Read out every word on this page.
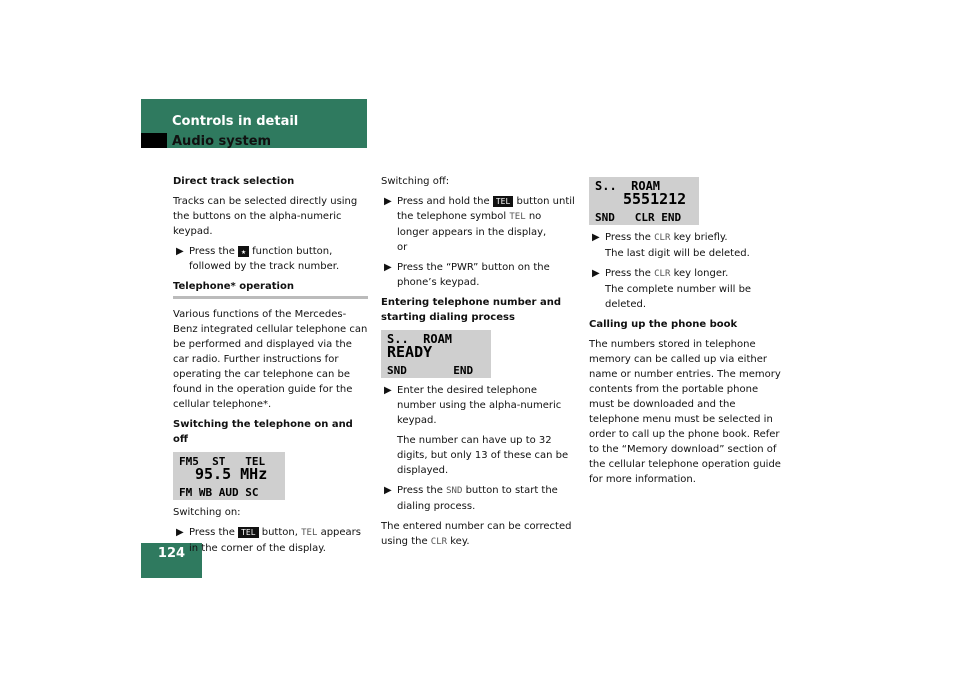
Controls in detail
Audio system
124

Direct track selection

Tracks can be selected directly using the buttons on the alpha-numeric keypad.

▶ Press the ★ function button, followed by the track number.

Telephone* operation

Various functions of the Mercedes-Benz integrated cellular telephone can be performed and displayed via the car radio. Further instructions for operating the car telephone can be found in the operation guide for the cellular telephone*.

Switching the telephone on and off

FM5  ST   TEL
95.5 MHz
FM WB AUD SC

Switching on:

▶ Press the TEL button, TEL appears in the corner of the display.

Switching off:

▶ Press and hold the TEL button until the telephone symbol TEL no longer appears in the display,

or

▶ Press the “PWR” button on the phone’s keypad.

Entering telephone number and starting dialing process

S..  ROAM
READY
SND       END

▶ Enter the desired telephone number using the alpha-numeric keypad.

The number can have up to 32 digits, but only 13 of these can be displayed.

▶ Press the SND button to start the dialing process.

The entered number can be corrected using the CLR key.

S..  ROAM
5551212
SND   CLR END

▶ Press the CLR key briefly.

The last digit will be deleted.

▶ Press the CLR key longer.

The complete number will be deleted.

Calling up the phone book

The numbers stored in telephone memory can be called up via either name or number entries. The memory contents from the portable phone must be downloaded and the telephone menu must be selected in order to call up the phone book. Refer to the “Memory download” section of the cellular telephone operation guide for more information.
